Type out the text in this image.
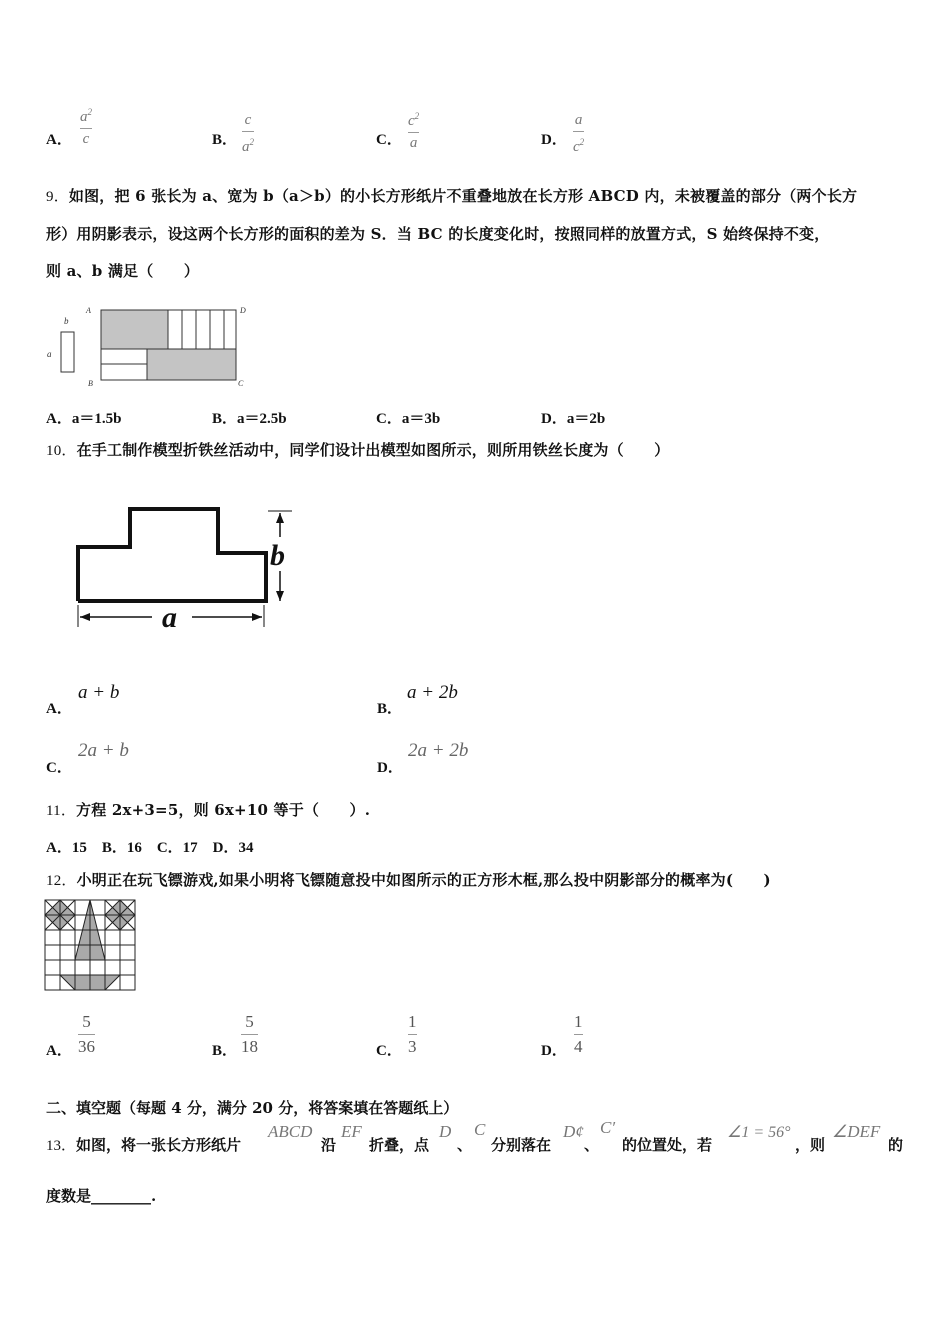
A．
$a^2$
c	B．
c
$a^2$	C．
$c^2$
a	D．
a
$c^2$
9．如图，把 6 张长为 a、宽为 b（a＞b）的小长方形纸片不重叠地放在长方形 ABCD 内，未被覆盖的部分（两个长方
形）用阴影表示，设这两个长方形的面积的差为 S．当 BC 的长度变化时，按照同样的放置方式，S 始终保持不变，
则 a、b 满足（　　）
b
a
A	D
B	C
A．a＝1.5b	B．a＝2.5b	C．a＝3b	D．a＝2b
10．在手工制作模型折铁丝活动中，同学们设计出模型如图所示，则所用铁丝长度为（　　）
b
a
A．
a + b
B．
a + 2b
C．
2a + b
D．
2a + 2b
11．方程 2x+3=5，则 6x+10 等于（　　）.
A．15　B．16　C．17　D．34
12．小明正在玩飞镖游戏,如果小明将飞镖随意投中如图所示的正方形木框,那么投中阴影部分的概率为(　　)
A．
5
36	B．
5
18	C．
1
3	D．
1
4
二、填空题（每题 4 分，满分 20 分，将答案填在答题纸上）
13．如图，将一张长方形纸片
ABCD
沿
EF
折叠，点
D
、
C
分别落在
D¢
、
C′
的位置处，若
∠1 = 56°
，则
∠DEF
的
度数是________.
